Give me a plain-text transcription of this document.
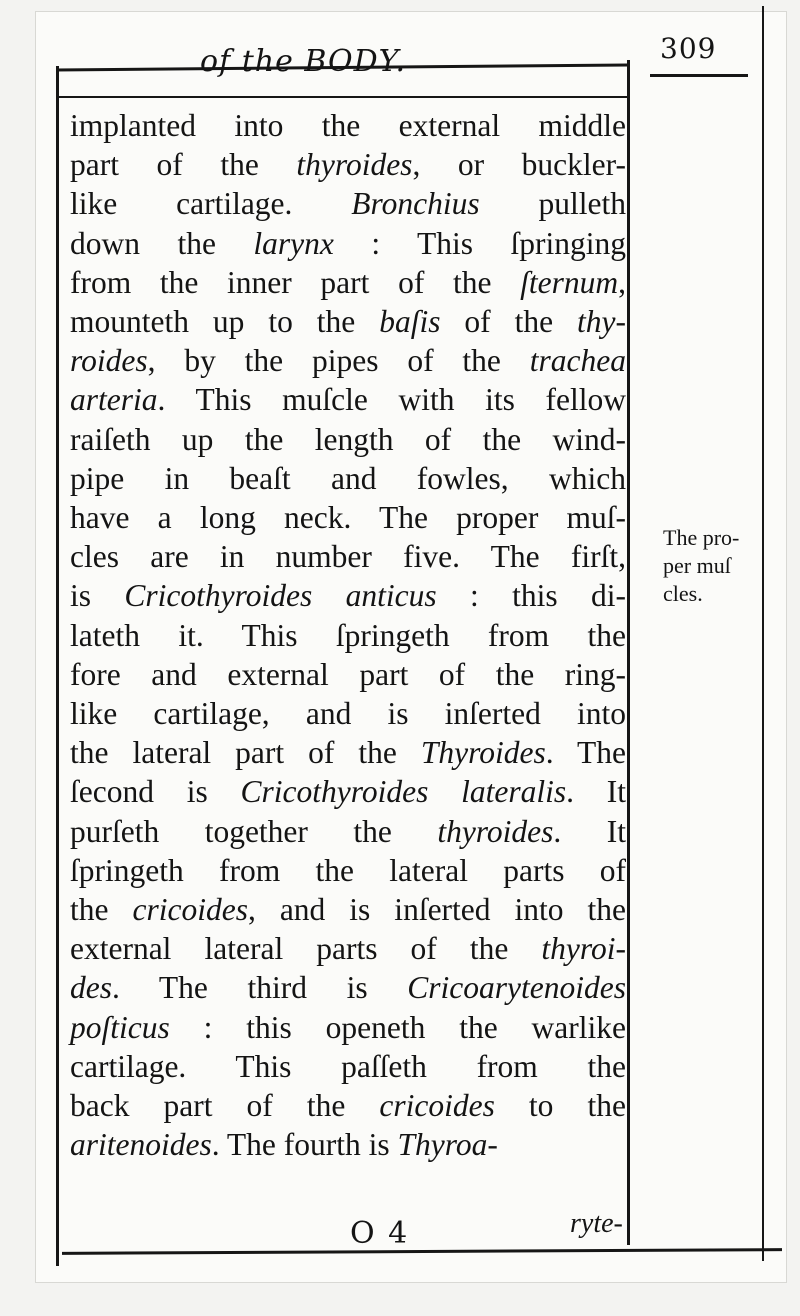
of the BODY.	309
implanted into the external middle
part of the thyroides, or buckler-
like cartilage. Bronchius pulleth
down the larynx : This ſpringing
from the inner part of the ſternum,
mounteth up to the baſis of the thy-
roides, by the pipes of the trachea
arteria. This muſcle with its fellow
raiſeth up the length of the wind-
pipe in beaſt and fowles, which
have a long neck. The proper muſ-
cles are in number five. The firſt,
is Cricothyroides anticus : this di-
lateth it. This ſpringeth from the
fore and external part of the ring-
like cartilage, and is inſerted into
the lateral part of the Thyroides. The
ſecond is Cricothyroides lateralis. It
purſeth together the thyroides. It
ſpringeth from the lateral parts of
the cricoides, and is inſerted into the
external lateral parts of the thyroi-
des. The third is Cricoarytenoides
poſticus : this openeth the warlike
cartilage. This paſſeth from the
back part of the cricoides to the
aritenoides. The fourth is Thyroa-
The pro-
per muſ
cles.
O 4	ryte-
